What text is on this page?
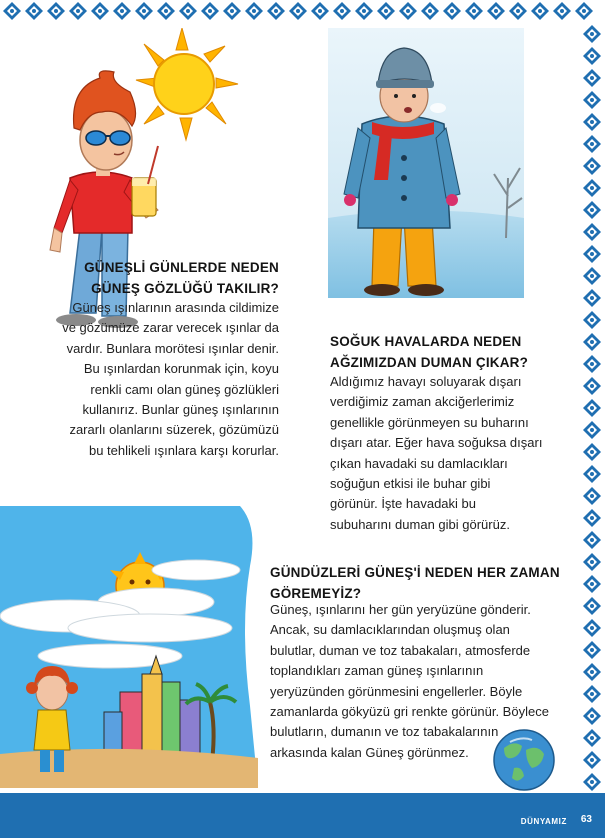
GÜNEŞLİ GÜNLERDE NEDEN
GÜNEŞ GÖZLÜĞÜ TAKILIR?
Güneş ışınlarının arasında cildimize
ve gözümüze zarar verecek ışınlar da
vardır. Bunlara morötesi ışınlar denir.
Bu ışınlardan korunmak için, koyu
renkli camı olan güneş gözlükleri
kullanırız. Bunlar güneş ışınlarının
zararlı olanlarını süzerek, gözümüzü
bu tehlikeli ışınlara karşı korurlar.
SOĞUK HAVALARDA NEDEN
AĞZIMIZDAN DUMAN ÇIKAR?
Aldığımız havayı soluyarak dışarı
verdiğimiz zaman akciğerlerimiz
genellikle görünmeyen su buharını
dışarı atar. Eğer hava soğuksa dışarı
çıkan havadaki su damlacıkları
soğuğun etkisi ile buhar gibi
görünür. İşte havadaki bu
subuharını duman gibi görürüz.
GÜNDÜZLERİ GÜNEŞ'İ NEDEN HER ZAMAN
GÖREMEYİZ?
Güneş, ışınlarını her gün yeryüzüne gönderir.
Ancak, su damlacıklarından oluşmuş olan
bulutlar, duman ve toz tabakaları, atmosferde
toplandıkları zaman güneş ışınlarının
yeryüzünden görünmesini engellerler. Böyle
zamanlarda gökyüzü gri renkte görünür. Böylece
bulutların, dumanın ve toz tabakalarının
arkasında kalan Güneş görünmez.
DÜNYAMIZ 63
